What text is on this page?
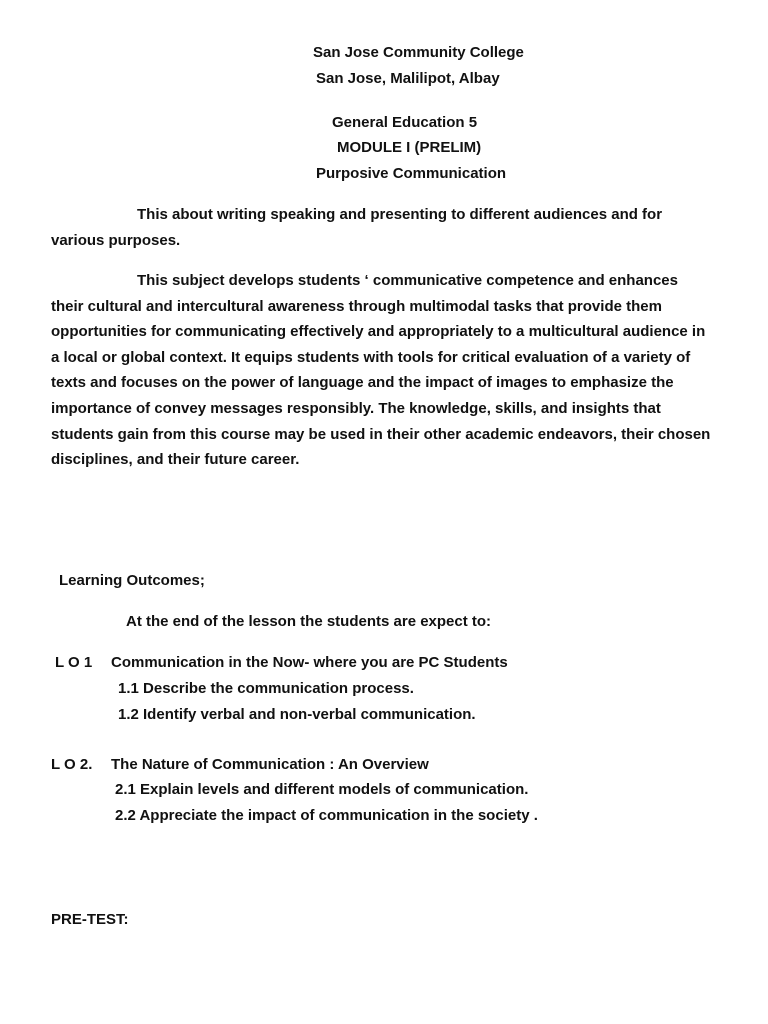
San Jose Community College
San Jose, Malilipot, Albay
General Education 5
MODULE I (PRELIM)
Purposive Communication

This about writing speaking and presenting to different audiences and for various purposes.

This subject develops students ‘ communicative competence and enhances their cultural and intercultural awareness through multimodal tasks that provide them opportunities for communicating effectively and appropriately to a multicultural audience in a local or global context. It equips students with tools for critical evaluation of a variety of texts and focuses on the power of language and the impact of images to emphasize the importance of convey messages responsibly. The knowledge, skills, and insights that students gain from this course may be used in their other academic endeavors, their chosen disciplines, and their future career.

Learning Outcomes;
At the end of the lesson the students are expect to:
L O 1 Communication in the Now- where you are PC Students
1.1 Describe the communication process.
1.2 Identify verbal and non-verbal communication.
L O 2. The Nature of Communication : An Overview
2.1 Explain levels and different models of communication.
2.2 Appreciate the impact of communication in the society .
PRE-TEST:
